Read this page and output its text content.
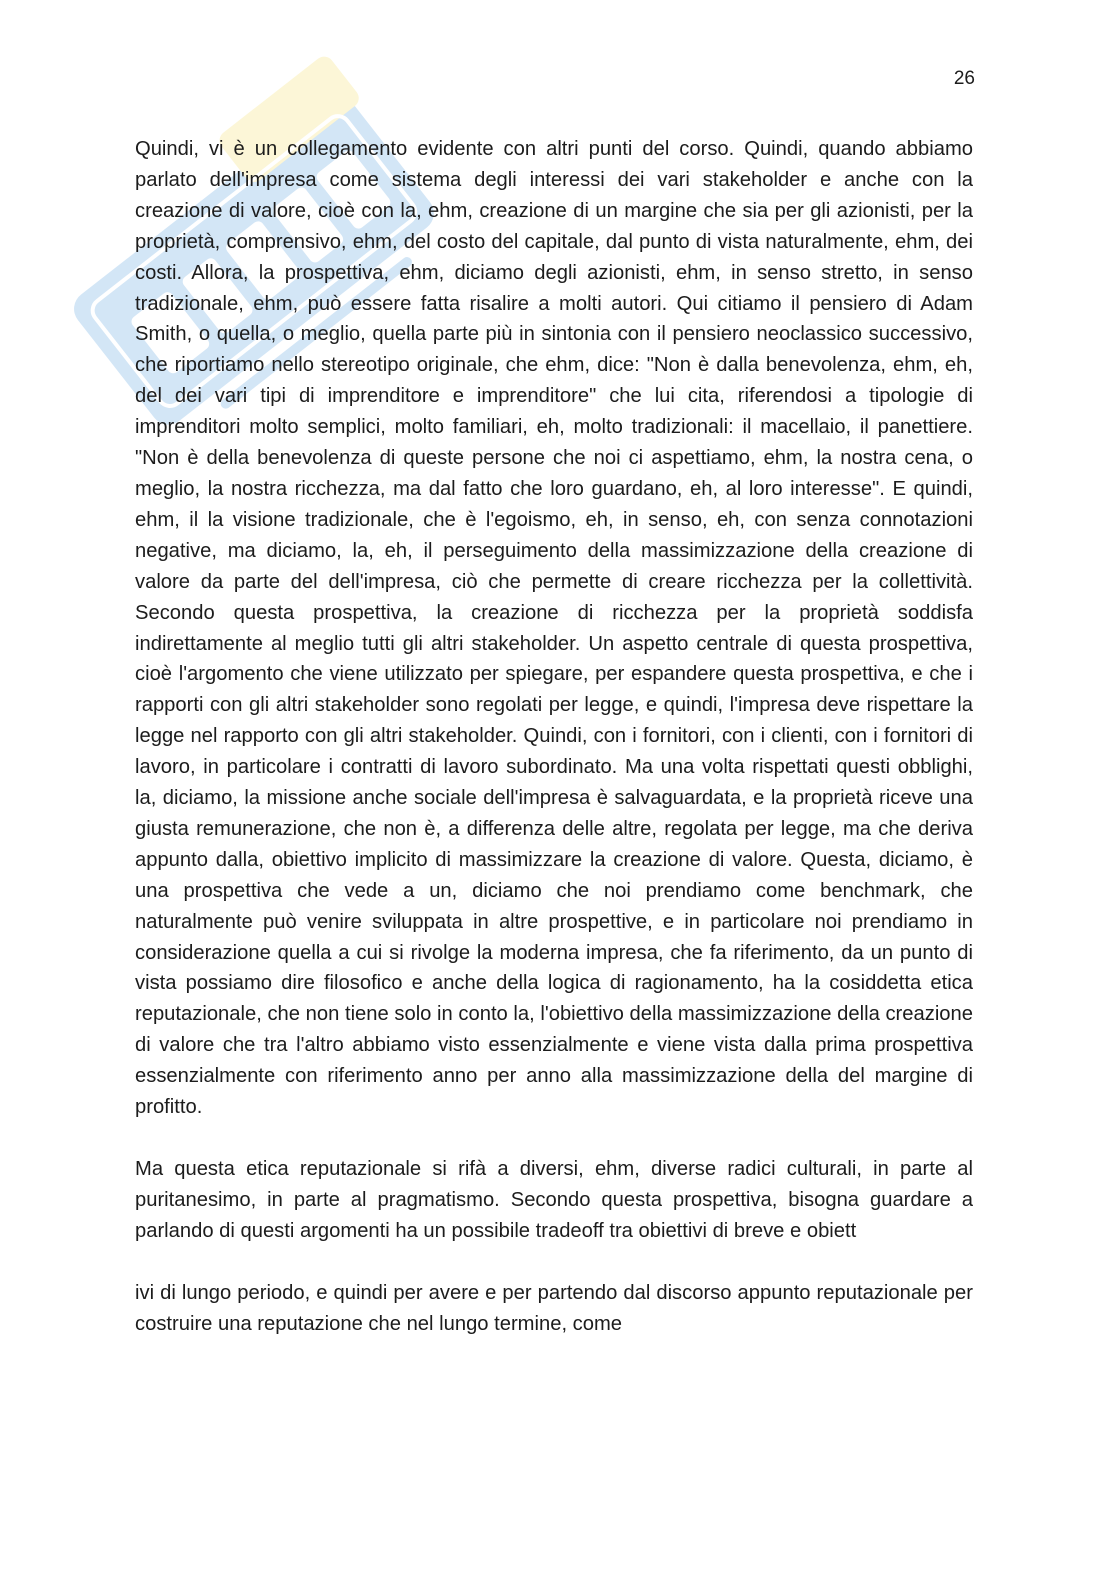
26

Quindi, vi è un collegamento evidente con altri punti del corso. Quindi, quando abbiamo parlato dell'impresa come sistema degli interessi dei vari stakeholder e anche con la creazione di valore, cioè con la, ehm, creazione di un margine che sia per gli azionisti, per la proprietà, comprensivo, ehm, del costo del capitale, dal punto di vista naturalmente, ehm, dei costi. Allora, la prospettiva, ehm, diciamo degli azionisti, ehm, in senso stretto, in senso tradizionale, ehm, può essere fatta risalire a molti autori. Qui citiamo il pensiero di Adam Smith, o quella, o meglio, quella parte più in sintonia con il pensiero neoclassico successivo, che riportiamo nello stereotipo originale, che ehm, dice: "Non è dalla benevolenza, ehm, eh, del dei vari tipi di imprenditore e imprenditore" che lui cita, riferendosi a tipologie di imprenditori molto semplici, molto familiari, eh, molto tradizionali: il macellaio, il panettiere. "Non è della benevolenza di queste persone che noi ci aspettiamo, ehm, la nostra cena, o meglio, la nostra ricchezza, ma dal fatto che loro guardano, eh, al loro interesse". E quindi, ehm, il la visione tradizionale, che è l'egoismo, eh, in senso, eh, con senza connotazioni negative, ma diciamo, la, eh, il perseguimento della massimizzazione della creazione di valore da parte del dell'impresa, ciò che permette di creare ricchezza per la collettività. Secondo questa prospettiva, la creazione di ricchezza per la proprietà soddisfa indirettamente al meglio tutti gli altri stakeholder. Un aspetto centrale di questa prospettiva, cioè l'argomento che viene utilizzato per spiegare, per espandere questa prospettiva, e che i rapporti con gli altri stakeholder sono regolati per legge, e quindi, l'impresa deve rispettare la legge nel rapporto con gli altri stakeholder. Quindi, con i fornitori, con i clienti, con i fornitori di lavoro, in particolare i contratti di lavoro subordinato. Ma una volta rispettati questi obblighi, la, diciamo, la missione anche sociale dell'impresa è salvaguardata, e la proprietà riceve una giusta remunerazione, che non è, a differenza delle altre, regolata per legge, ma che deriva appunto dalla, obiettivo implicito di massimizzare la creazione di valore. Questa, diciamo, è una prospettiva che vede a un, diciamo che noi prendiamo come benchmark, che naturalmente può venire sviluppata in altre prospettive, e in particolare noi prendiamo in considerazione quella a cui si rivolge la moderna impresa, che fa riferimento, da un punto di vista possiamo dire filosofico e anche della logica di ragionamento, ha la cosiddetta etica reputazionale, che non tiene solo in conto la, l'obiettivo della massimizzazione della creazione di valore che tra l'altro abbiamo visto essenzialmente e viene vista dalla prima prospettiva essenzialmente con riferimento anno per anno alla massimizzazione della del margine di profitto.

Ma questa etica reputazionale si rifà a diversi, ehm, diverse radici culturali, in parte al puritanesimo, in parte al pragmatismo. Secondo questa prospettiva, bisogna guardare a parlando di questi argomenti ha un possibile tradeoff tra obiettivi di breve e obiett

ivi di lungo periodo, e quindi per avere e per partendo dal discorso appunto reputazionale per costruire una reputazione che nel lungo termine, come
